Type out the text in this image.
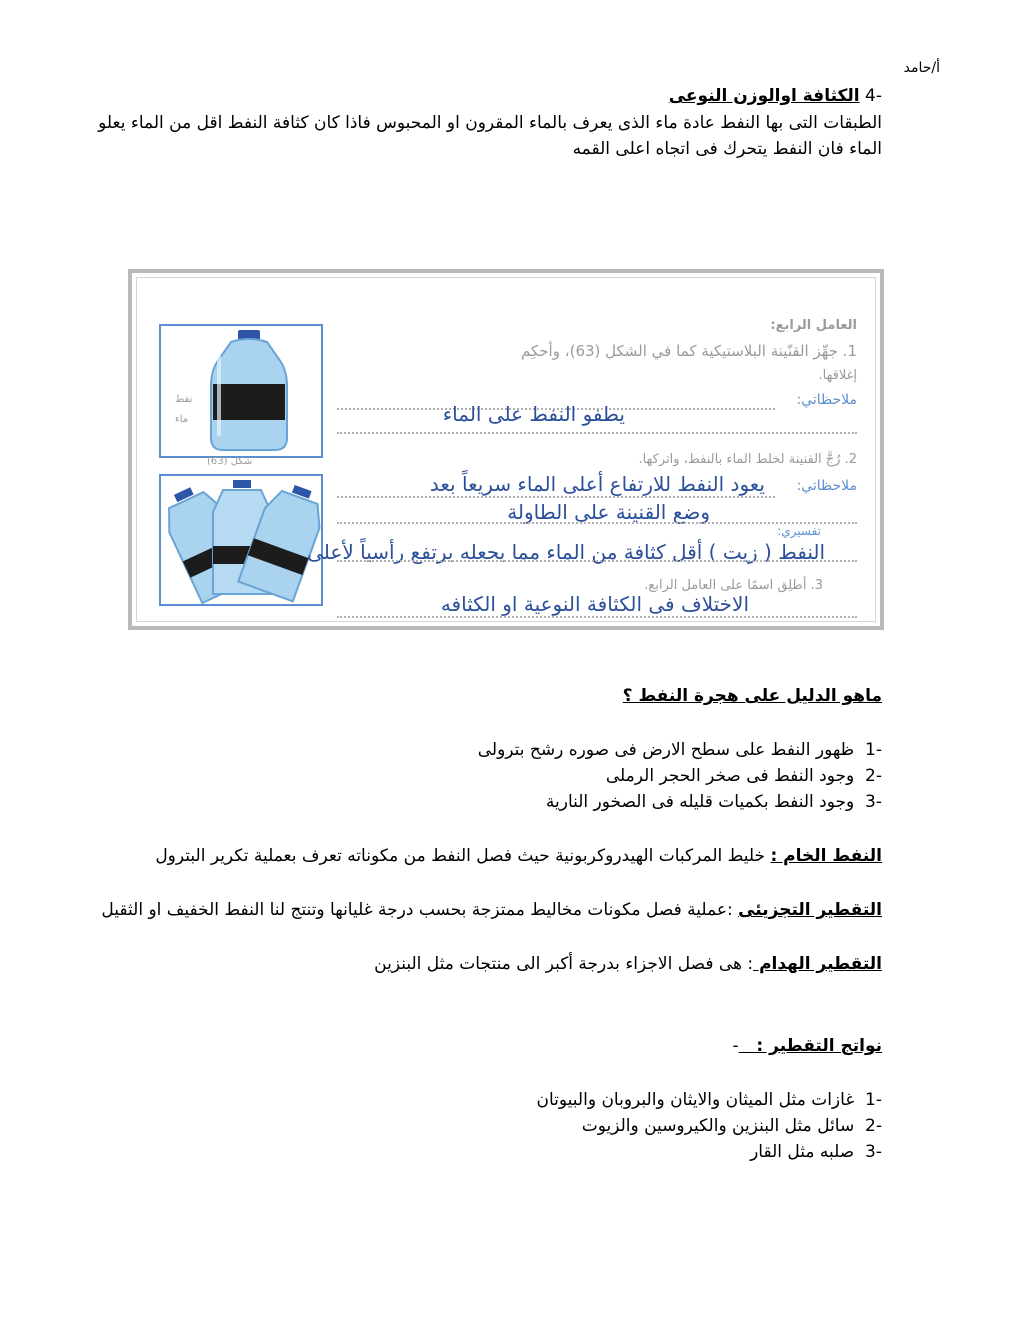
أ/حامد
-4 الكثافة اوالوزن النوعى
الطبقات التى بها النفط عادة ماء الذى يعرف بالماء المقرون او المحبوس فاذا كان كثافة النفط اقل من الماء يعلو الماء فان النفط يتحرك فى اتجاه اعلى القمه
نفط
ماء
شكل (63)
العامل الرابع:
1. جهِّز القنّينة البلاستيكية كما في الشكل (63)، وأحكِم
إغلاقها.
ملاحظاتي:
يطفو النفط على الماء
2. رُجَّ القنينة لخلط الماء بالنفط، واتركها.
ملاحظاتي:
يعود النفط للارتفاع أعلى الماء سريعاً بعد
وضع القنينة على الطاولة
تفسيري:
النفط ( زيت ) أقل كثافة من الماء مما يجعله يرتفع رأسياً لأعلى
3. أطلِق اسمًا على العامل الرابع.
الاختلاف فى الكثافة النوعية او الكثافه
ماهو الدليل على هجرة النفط ؟
-1  ظهور النفط على سطح الارض فى صوره رشح بترولى
-2  وجود النفط فى صخر الحجر الرملى
-3  وجود النفط بكميات قليله فى الصخور النارية
النفط الخام : خليط المركبات الهيدروكربونية حيث فصل النفط من مكوناته تعرف بعملية تكرير البترول
التقطير التجزيئى :عملية فصل مكونات مخاليط ممتزجة بحسب درجة غليانها وتنتج لنا النفط الخفيف او الثقيل
التقطير الهدام : هى فصل الاجزاء بدرجة أكبر الى منتجات مثل البنزين
نواتج التقطير :   -
-1  غازات مثل الميثان والايثان والبروبان والبيوتان
-2  سائل مثل البنزين والكيروسين والزيوت
-3  صلبه مثل القار
